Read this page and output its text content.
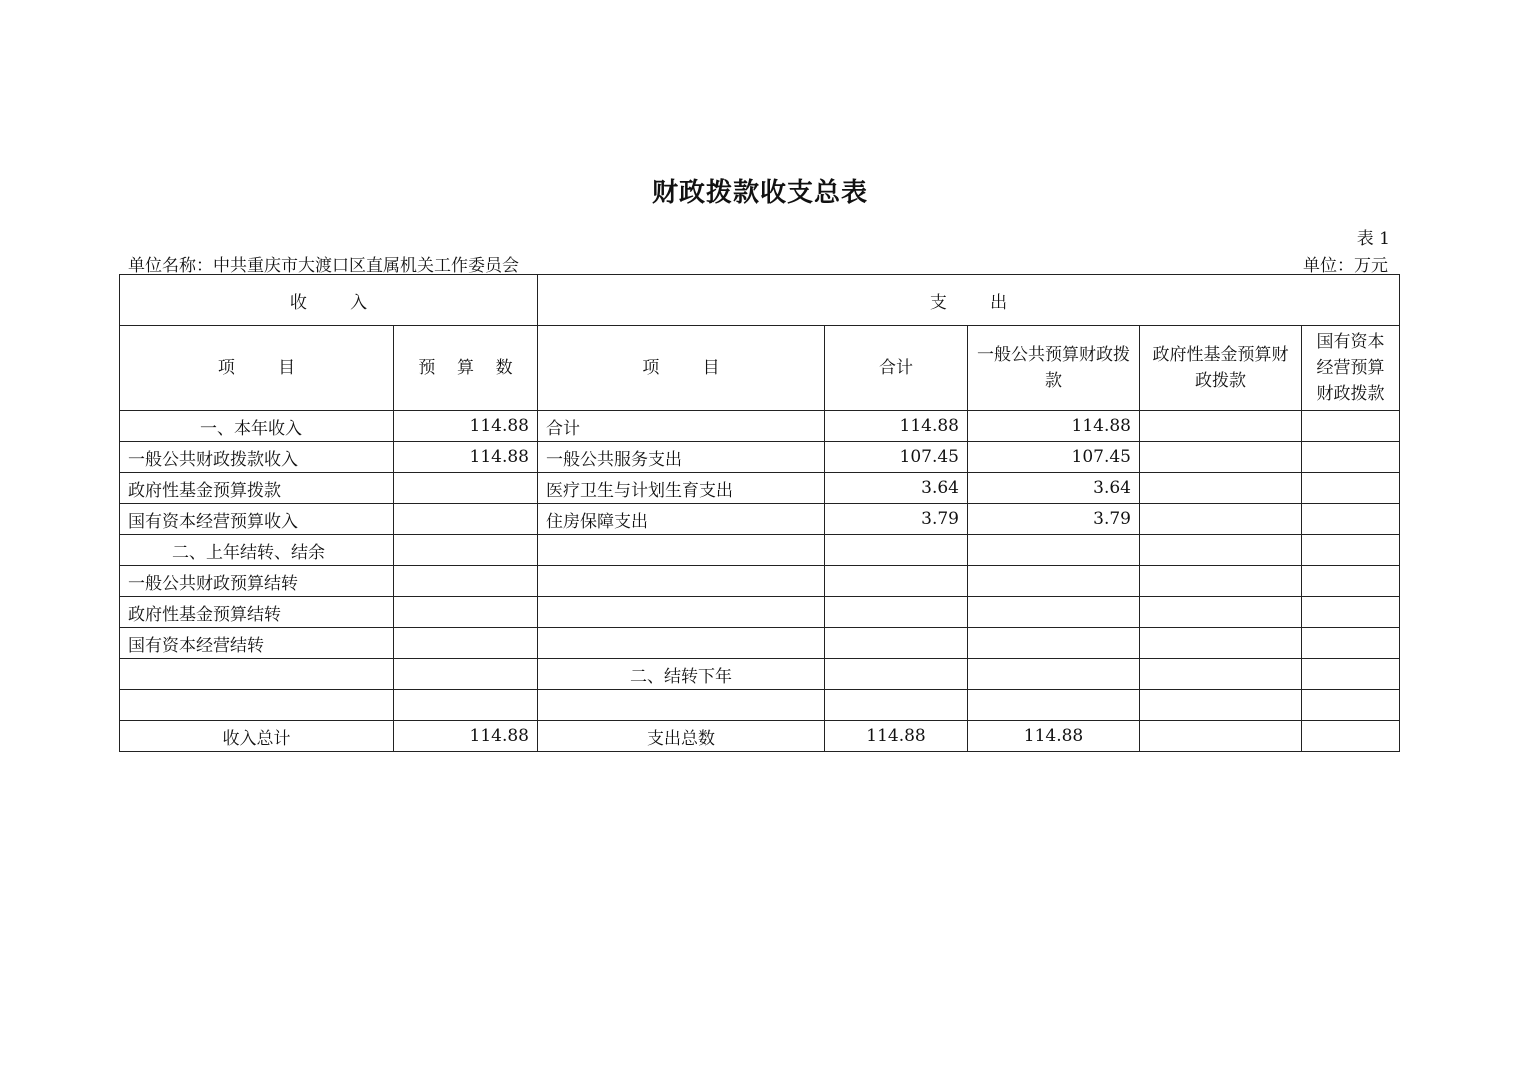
财政拨款收支总表
表 1
单位名称：中共重庆市大渡口区直属机关工作委员会	单位：万元
收        入		支        出				
项        目	预    算    数	项        目	合计	一般公共预算财政拨款	政府性基金预算财政拨款	国有资本经营预算财政拨款
一、本年收入	114.88	合计	114.88	114.88		
一般公共财政拨款收入	114.88	一般公共服务支出	107.45	107.45		
政府性基金预算拨款		医疗卫生与计划生育支出	3.64	3.64		
国有资本经营预算收入		住房保障支出	3.79	3.79		
二、上年结转、结余						
一般公共财政预算结转						
政府性基金预算结转						
国有资本经营结转						
		二、结转下年				

收入总计	114.88	支出总数	114.88	114.88		
